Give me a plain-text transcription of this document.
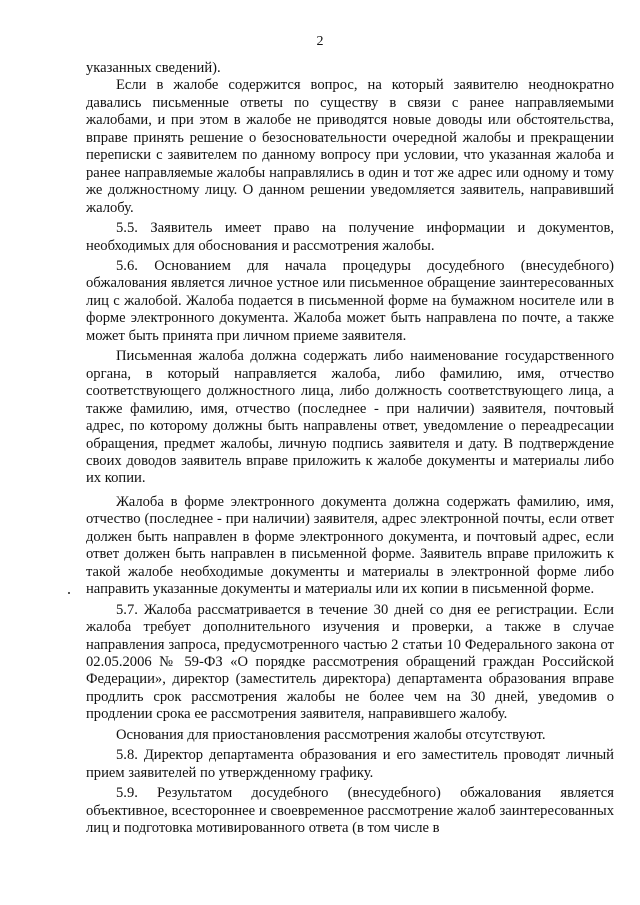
2

указанных сведений).

Если в жалобе содержится вопрос, на который заявителю неоднократно давались письменные ответы по существу в связи с ранее направляемыми жалобами, и при этом в жалобе не приводятся новые доводы или обстоятельства, вправе принять решение о безосновательности очередной жалобы и прекращении переписки с заявителем по данному вопросу при условии, что указанная жалоба и ранее направляемые жалобы направлялись в один и тот же адрес или одному и тому же должностному лицу. О данном решении уведомляется заявитель, направивший жалобу.

5.5. Заявитель имеет право на получение информации и документов, необходимых для обоснования и рассмотрения жалобы.

5.6. Основанием для начала процедуры досудебного (внесудебного) обжалования является личное устное или письменное обращение заинтересованных лиц с жалобой. Жалоба подается в письменной форме на бумажном носителе или в форме электронного документа. Жалоба может быть направлена по почте, а также может быть принята при личном приеме заявителя.

Письменная жалоба должна содержать либо наименование государственного органа, в который направляется жалоба, либо фамилию, имя, отчество соответствующего должностного лица, либо должность соответствующего лица, а также фамилию, имя, отчество (последнее - при наличии) заявителя, почтовый адрес, по которому должны быть направлены ответ, уведомление о переадресации обращения, предмет жалобы, личную подпись заявителя и дату. В подтверждение своих доводов заявитель вправе приложить к жалобе документы и материалы либо их копии.

Жалоба в форме электронного документа должна содержать фамилию, имя, отчество (последнее - при наличии) заявителя, адрес электронной почты, если ответ должен быть направлен в форме электронного документа, и почтовый адрес, если ответ должен быть направлен в письменной форме. Заявитель вправе приложить к такой жалобе необходимые документы и материалы в электронной форме либо направить указанные документы и материалы или их копии в письменной форме.

5.7. Жалоба рассматривается в течение 30 дней со дня ее регистрации. Если жалоба требует дополнительного изучения и проверки, а также в случае направления запроса, предусмотренного частью 2 статьи 10 Федерального закона от 02.05.2006 № 59-ФЗ «О порядке рассмотрения обращений граждан Российской Федерации», директор (заместитель директора) департамента образования вправе продлить срок рассмотрения жалобы не более чем на 30 дней, уведомив о продлении срока ее рассмотрения заявителя, направившего жалобу.

Основания для приостановления рассмотрения жалобы отсутствуют.

5.8. Директор департамента образования и его заместитель проводят личный прием заявителей по утвержденному графику.

5.9. Результатом досудебного (внесудебного) обжалования является объективное, всестороннее и своевременное рассмотрение жалоб заинтересованных лиц и подготовка мотивированного ответа (в том числе в
